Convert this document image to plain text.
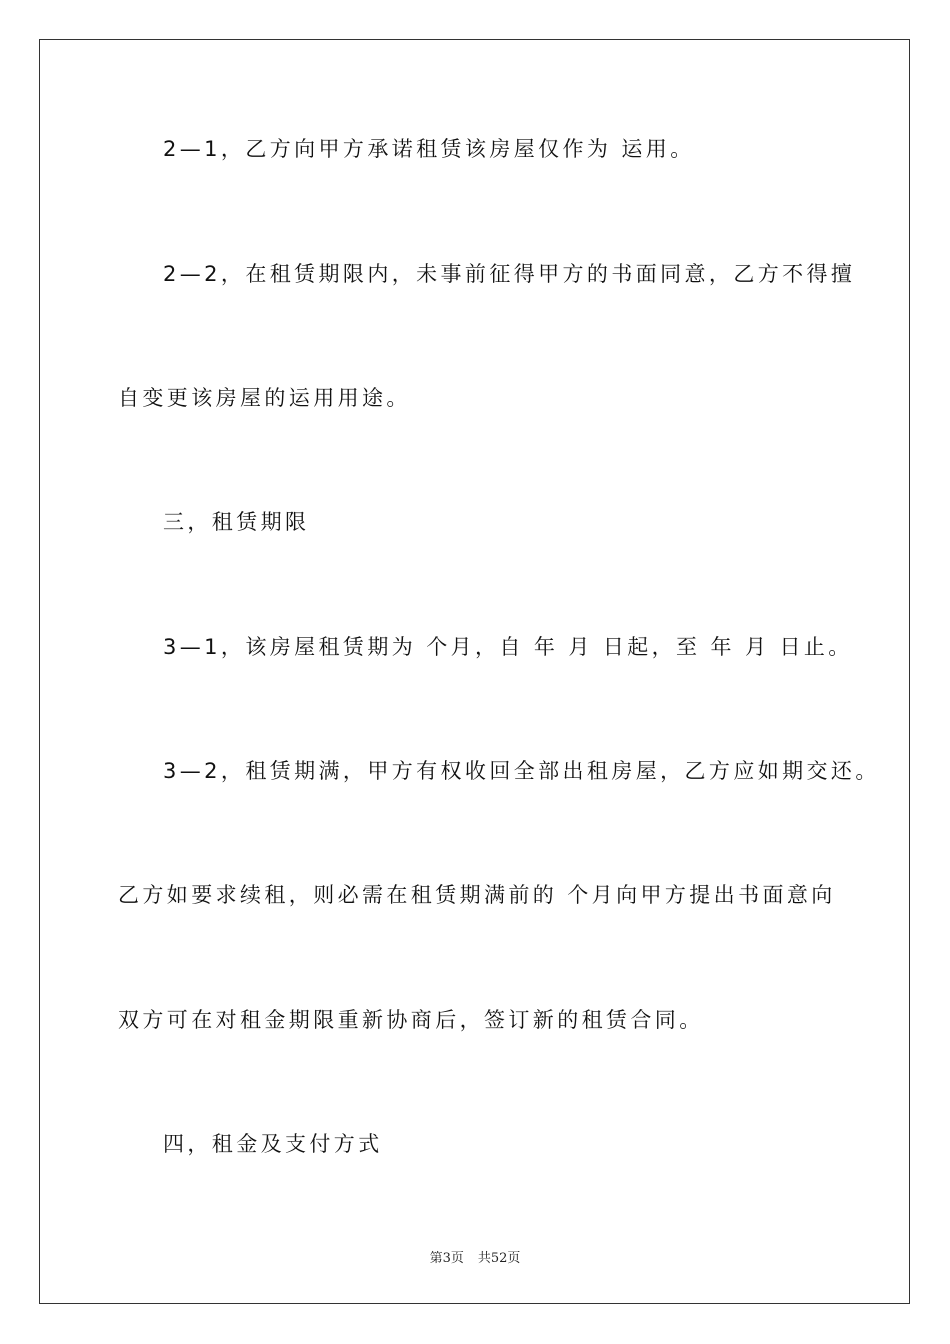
2—1，乙方向甲方承诺租赁该房屋仅作为 运用。
2—2，在租赁期限内，未事前征得甲方的书面同意，乙方不得擅
自变更该房屋的运用用途。
三，租赁期限
3—1，该房屋租赁期为 个月，自 年 月 日起，至 年 月 日止。
3—2，租赁期满，甲方有权收回全部出租房屋，乙方应如期交还。
乙方如要求续租，则必需在租赁期满前的 个月向甲方提出书面意向
双方可在对租金期限重新协商后，签订新的租赁合同。
四，租金及支付方式
第3页 共52页
